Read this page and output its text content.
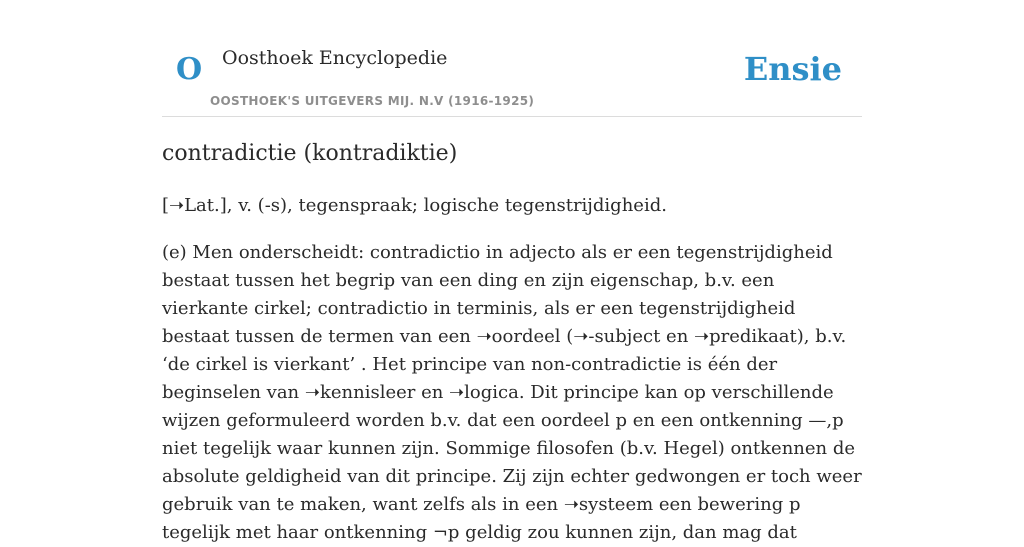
O Oosthoek Encyclopedie
OOSTHOEK'S UITGEVERS MIJ. N.V (1916-1925)
Ensie
contradictie (kontradiktie)

[➝Lat.], v. (-s), tegenspraak; logische tegenstrijdigheid.

(e) Men onderscheidt: contradictio in adjecto als er een tegenstrijdigheid bestaat tussen het begrip van een ding en zijn eigenschap, b.v. een vierkante cirkel; contradictio in terminis, als er een tegenstrijdigheid bestaat tussen de termen van een ➝oordeel (➝-subject en ➝predikaat), b.v. ‘de cirkel is vierkant’ . Het principe van non-contradictie is één der beginselen van ➝kennisleer en ➝logica. Dit principe kan op verschillende wijzen geformuleerd worden b.v. dat een oordeel p en een ontkenning —,p niet tegelijk waar kunnen zijn. Sommige filosofen (b.v. Hegel) ontkennen de absolute geldigheid van dit principe. Zij zijn echter gedwongen er toch weer gebruik van te maken, want zelfs als in een ➝systeem een bewering p tegelijk met haar ontkenning ¬p geldig zou kunnen zijn, dan mag dat
